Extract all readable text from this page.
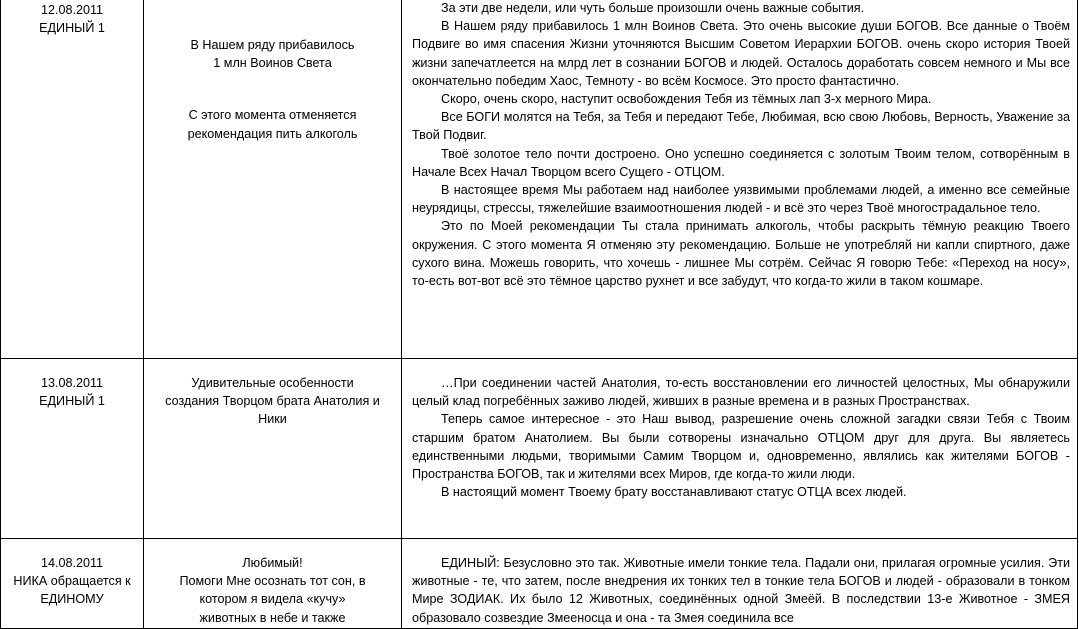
12.08.2011
ЕДИНЫЙ 1
В Нашем ряду прибавилось
1 млн Воинов Света
С этого момента отменяется
рекомендация пить алкоголь

За эти две недели, или чуть больше произошли очень важные события.

В Нашем ряду прибавилось 1 млн Воинов Света. Это очень высокие души БОГОВ. Все данные о Твоём Подвиге во имя спасения Жизни уточняются Высшим Советом Иерархии БОГОВ. очень скоро история Твоей жизни запечатлеется на млрд лет в сознании БОГОВ и людей. Осталось доработать совсем немного и Мы все окончательно победим Хаос, Темноту - во всём Космосе. Это просто фантастично.

Скоро, очень скоро, наступит освобождения Тебя из тёмных лап 3-х мерного Мира.

Все БОГИ молятся на Тебя, за Тебя и передают Тебе, Любимая, всю свою Любовь, Верность, Уважение за Твой Подвиг.

Твоё золотое тело почти достроено. Оно успешно соединяется с золотым Твоим телом, сотворённым в Начале Всех Начал Творцом всего Сущего - ОТЦОМ.

В настоящее время Мы работаем над наиболее уязвимыми проблемами людей, а именно все семейные неурядицы, стрессы, тяжелейшие взаимоотношения людей - и всё это через Твоё многострадальное тело.

Это по Моей рекомендации Ты стала принимать алкоголь, чтобы раскрыть тёмную реакцию Твоего окружения. С этого момента Я отменяю эту рекомендацию. Больше не употребляй ни капли спиртного, даже сухого вина. Можешь говорить, что хочешь - лишнее Мы сотрём. Сейчас Я говорю Тебе: «Переход на носу», то-есть вот-вот всё это тёмное царство рухнет и все забудут, что когда-то жили в таком кошмаре.

13.08.2011
ЕДИНЫЙ 1
Удивительные особенности
создания Творцом брата Анатолия и
Ники

…При соединении частей Анатолия, то-есть восстановлении его личностей целостных, Мы обнаружили целый клад погребённых заживо людей, живших в разные времена и в разных Пространствах.

Теперь самое интересное - это Наш вывод, разрешение очень сложной загадки связи Тебя с Твоим старшим братом Анатолием. Вы были сотворены изначально ОТЦОМ друг для друга. Вы являетесь единственными людьми, творимыми Самим Творцом и, одновременно, являлись как жителями БОГОВ - Пространства БОГОВ, так и жителями всех Миров, где когда-то жили люди.

В настоящий момент Твоему брату восстанавливают статус ОТЦА всех людей.

14.08.2011
НИКА обращается к
ЕДИНОМУ
Любимый!
Помоги Мне осознать тот сон, в
котором я видела «кучу»
животных в небе и также

ЕДИНЫЙ: Безусловно это так. Животные имели тонкие тела. Падали они, прилагая огромные усилия. Эти животные - те, что затем, после внедрения их тонких тел в тонкие тела БОГОВ и людей - образовали в тонком Мире ЗОДИАК. Их было 12 Животных, соединённых одной Змеёй. В последствии 13-е Животное - ЗМЕЯ образовало созвездие Змееносца и она - та Змея соединила все
